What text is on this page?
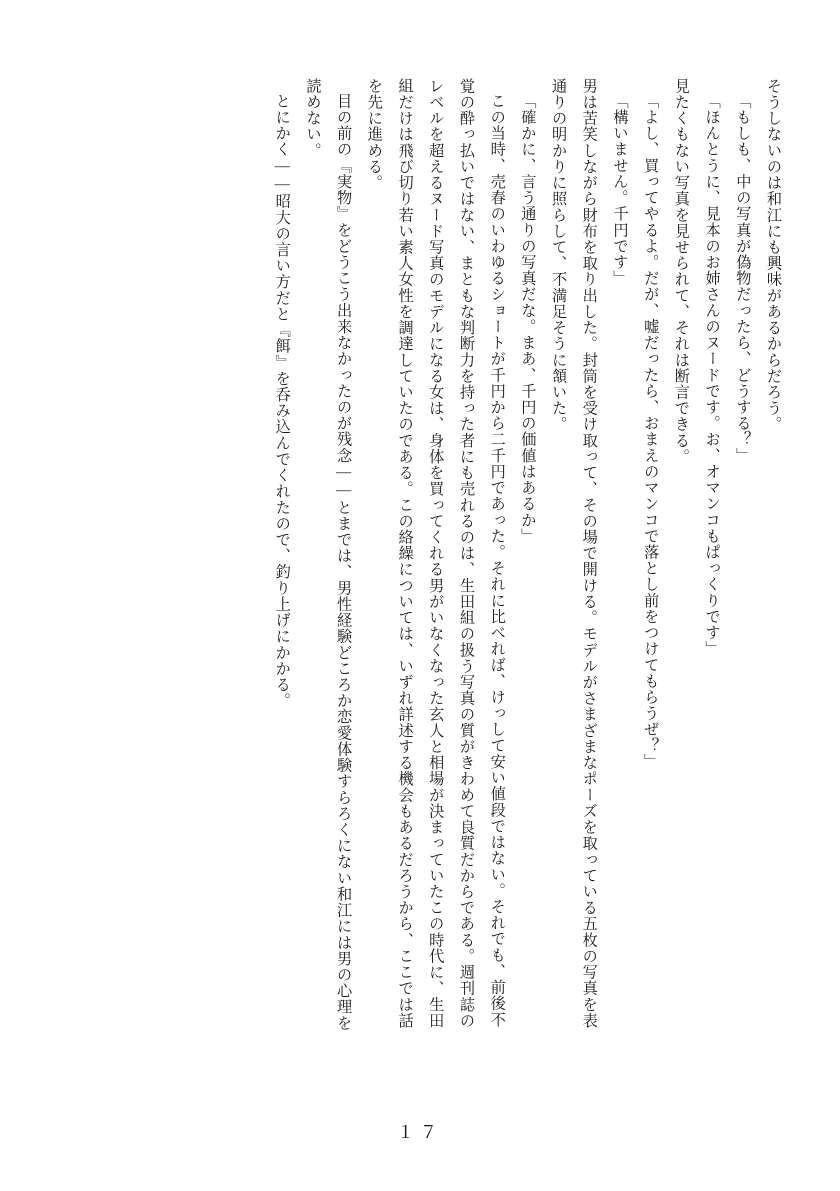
そうしないのは和江にも興味があるからだろう。

「もしも、中の写真が偽物だったら、どうする？」

「ほんとうに、見本のお姉さんのヌードです。お、オマンコもぱっくりです」

見たくもない写真を見せられて、それは断言できる。

「よし、買ってやるよ。だが、嘘だったら、おまえのマンコで落とし前をつけてもらうぜ？」

「構いません。千円です」

男は苦笑しながら財布を取り出した。封筒を受け取って、その場で開ける。モデルがさまざまなポーズを取っている五枚の写真を表通りの明かりに照らして、不満足そうに頷いた。

「確かに、言う通りの写真だな。まあ、千円の価値はあるか」

この当時、売春のいわゆるショートが千円から二千円であった。それに比べれば、けっして安い値段ではない。それでも、前後不覚の酔っ払いではない、まともな判断力を持った者にも売れるのは、生田組の扱う写真の質がきわめて良質だからである。週刊誌のレベルを超えるヌード写真のモデルになる女は、身体を買ってくれる男がいなくなった玄人と相場が決まっていたこの時代に、生田組だけは飛び切り若い素人女性を調達していたのである。この絡繰については、いずれ詳述する機会もあるだろうから、ここでは話を先に進める。

目の前の『実物』をどうこう出来なかったのが残念——とまでは、男性経験どころか恋愛体験すらろくにない和江には男の心理を読めない。

とにかく——昭大の言い方だと『餌』を呑み込んでくれたので、釣り上げにかかる。

１７
